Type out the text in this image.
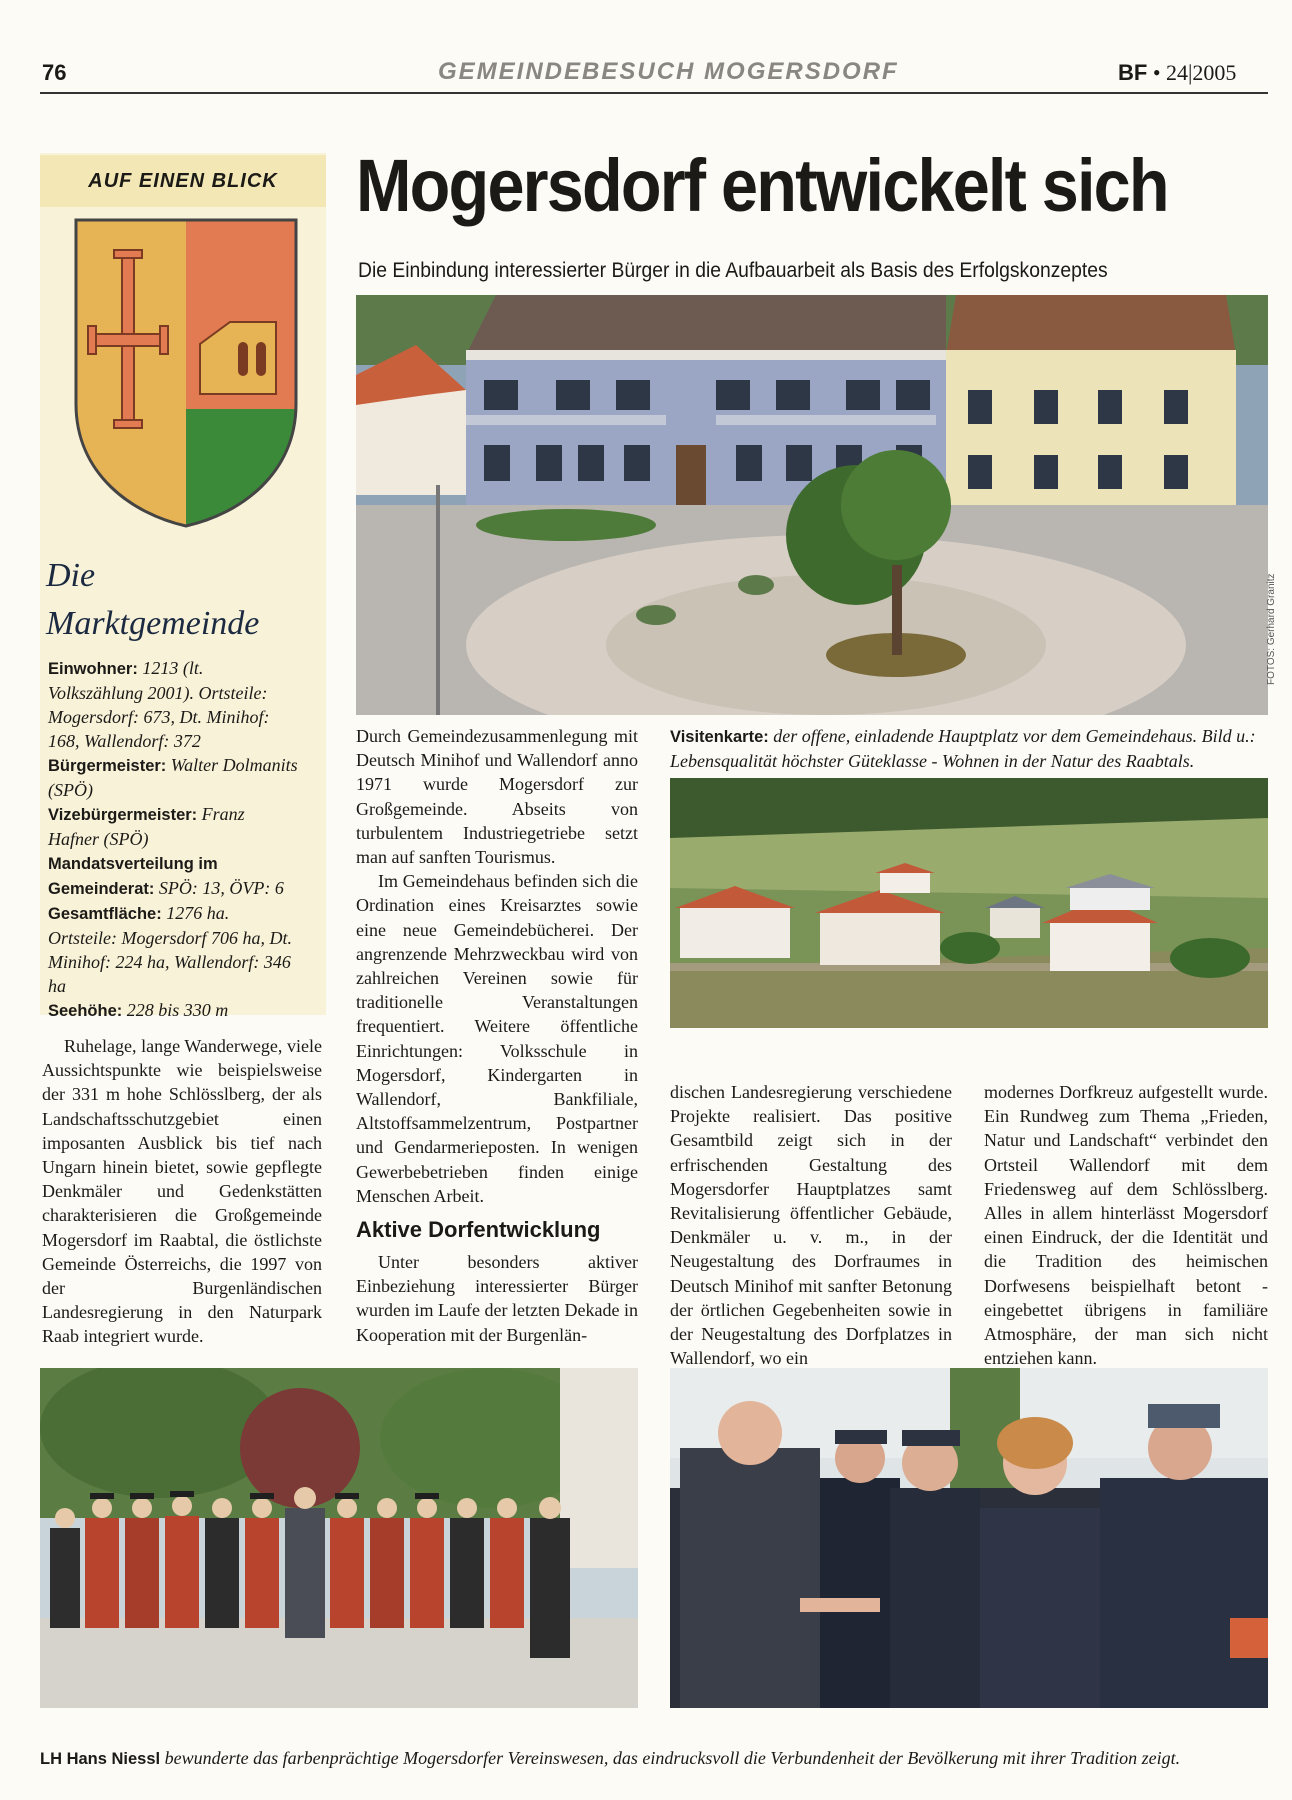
76	GEMEINDEBESUCH MOGERSDORF	BF • 24|2005
AUF EINEN BLICK
Die Marktgemeinde
Einwohner: 1213 (lt. Volkszählung 2001). Ortsteile: Mogersdorf: 673, Dt. Minihof: 168, Wallendorf: 372
Bürgermeister: Walter Dolmanits (SPÖ)
Vizebürgermeister: Franz Hafner (SPÖ)
Mandatsverteilung im Gemeinderat: SPÖ: 13, ÖVP: 6
Gesamtfläche: 1276 ha. Ortsteile: Mogersdorf 706 ha, Dt. Minihof: 224 ha, Wallendorf: 346 ha
Seehöhe: 228 bis 330 m
Mogersdorf entwickelt sich
Die Einbindung interessierter Bürger in die Aufbauarbeit als Basis des Erfolgskonzeptes
FOTOS: Gerhard Granitz

Ruhelage, lange Wanderwege, viele Aussichtspunkte wie beispielsweise der 331 m hohe Schlösslberg, der als Landschaftsschutzgebiet einen imposanten Ausblick bis tief nach Ungarn hinein bietet, sowie gepflegte Denkmäler und Gedenkstätten charakterisieren die Großgemeinde Mogersdorf im Raabtal, die östlichste Gemeinde Österreichs, die 1997 von der Burgenländischen Landesregierung in den Naturpark Raab integriert wurde.

Durch Gemeindezusammenlegung mit Deutsch Minihof und Wallendorf anno 1971 wurde Mogersdorf zur Großgemeinde. Abseits von turbulentem Industriegetriebe setzt man auf sanften Tourismus.

Im Gemeindehaus befinden sich die Ordination eines Kreisarztes sowie eine neue Gemeindebücherei. Der angrenzende Mehrzweckbau wird von zahlreichen Vereinen sowie für traditionelle Veranstaltungen frequentiert. Weitere öffentliche Einrichtungen: Volksschule in Mogersdorf, Kindergarten in Wallendorf, Bankfiliale, Altstoffsammelzentrum, Postpartner und Gendarmerieposten. In wenigen Gewerbebetrieben finden einige Menschen Arbeit.

Aktive Dorfentwicklung

Unter besonders aktiver Einbeziehung interessierter Bürger wurden im Laufe der letzten Dekade in Kooperation mit der Burgenlän-

Visitenkarte: der offene, einladende Hauptplatz vor dem Gemeindehaus. Bild u.: Lebensqualität höchster Güteklasse - Wohnen in der Natur des Raabtals.

dischen Landesregierung verschiedene Projekte realisiert. Das positive Gesamtbild zeigt sich in der erfrischenden Gestaltung des Mogersdorfer Hauptplatzes samt Revitalisierung öffentlicher Gebäude, Denkmäler u. v. m., in der Neugestaltung des Dorfraumes in Deutsch Minihof mit sanfter Betonung der örtlichen Gegebenheiten sowie in der Neugestaltung des Dorfplatzes in Wallendorf, wo ein

modernes Dorfkreuz aufgestellt wurde. Ein Rundweg zum Thema „Frieden, Natur und Landschaft“ verbindet den Ortsteil Wallendorf mit dem Friedensweg auf dem Schlösslberg. Alles in allem hinterlässt Mogersdorf einen Eindruck, der die Identität und die Tradition des heimischen Dorfwesens beispielhaft betont - eingebettet übrigens in familiäre Atmosphäre, der man sich nicht entziehen kann.

LH Hans Niessl bewunderte das farbenprächtige Mogersdorfer Vereinswesen, das eindrucksvoll die Verbundenheit der Bevölkerung mit ihrer Tradition zeigt.
